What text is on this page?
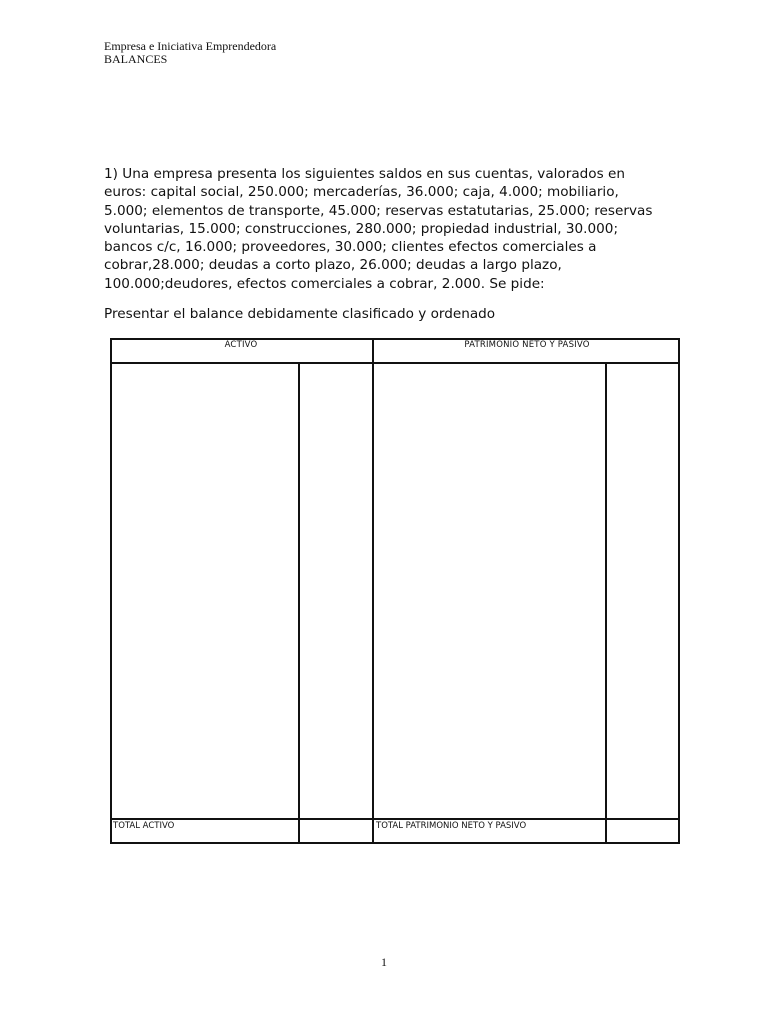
Empresa e Iniciativa Emprendedora
BALANCES
1) Una empresa presenta los siguientes saldos en sus cuentas, valorados en
euros: capital social, 250.000; mercaderías, 36.000; caja, 4.000; mobiliario,
5.000; elementos de transporte, 45.000; reservas estatutarias, 25.000; reservas
voluntarias, 15.000; construcciones, 280.000; propiedad industrial, 30.000;
bancos c/c, 16.000; proveedores, 30.000; clientes efectos comerciales a
cobrar,28.000; deudas a corto plazo, 26.000; deudas a largo plazo,
100.000;deudores, efectos comerciales a cobrar, 2.000. Se pide:
Presentar el balance debidamente clasificado y ordenado
ACTIVO	PATRIMONIO NETO Y PASIVO
TOTAL ACTIVO	TOTAL PATRIMONIO NETO Y PASIVO
1
